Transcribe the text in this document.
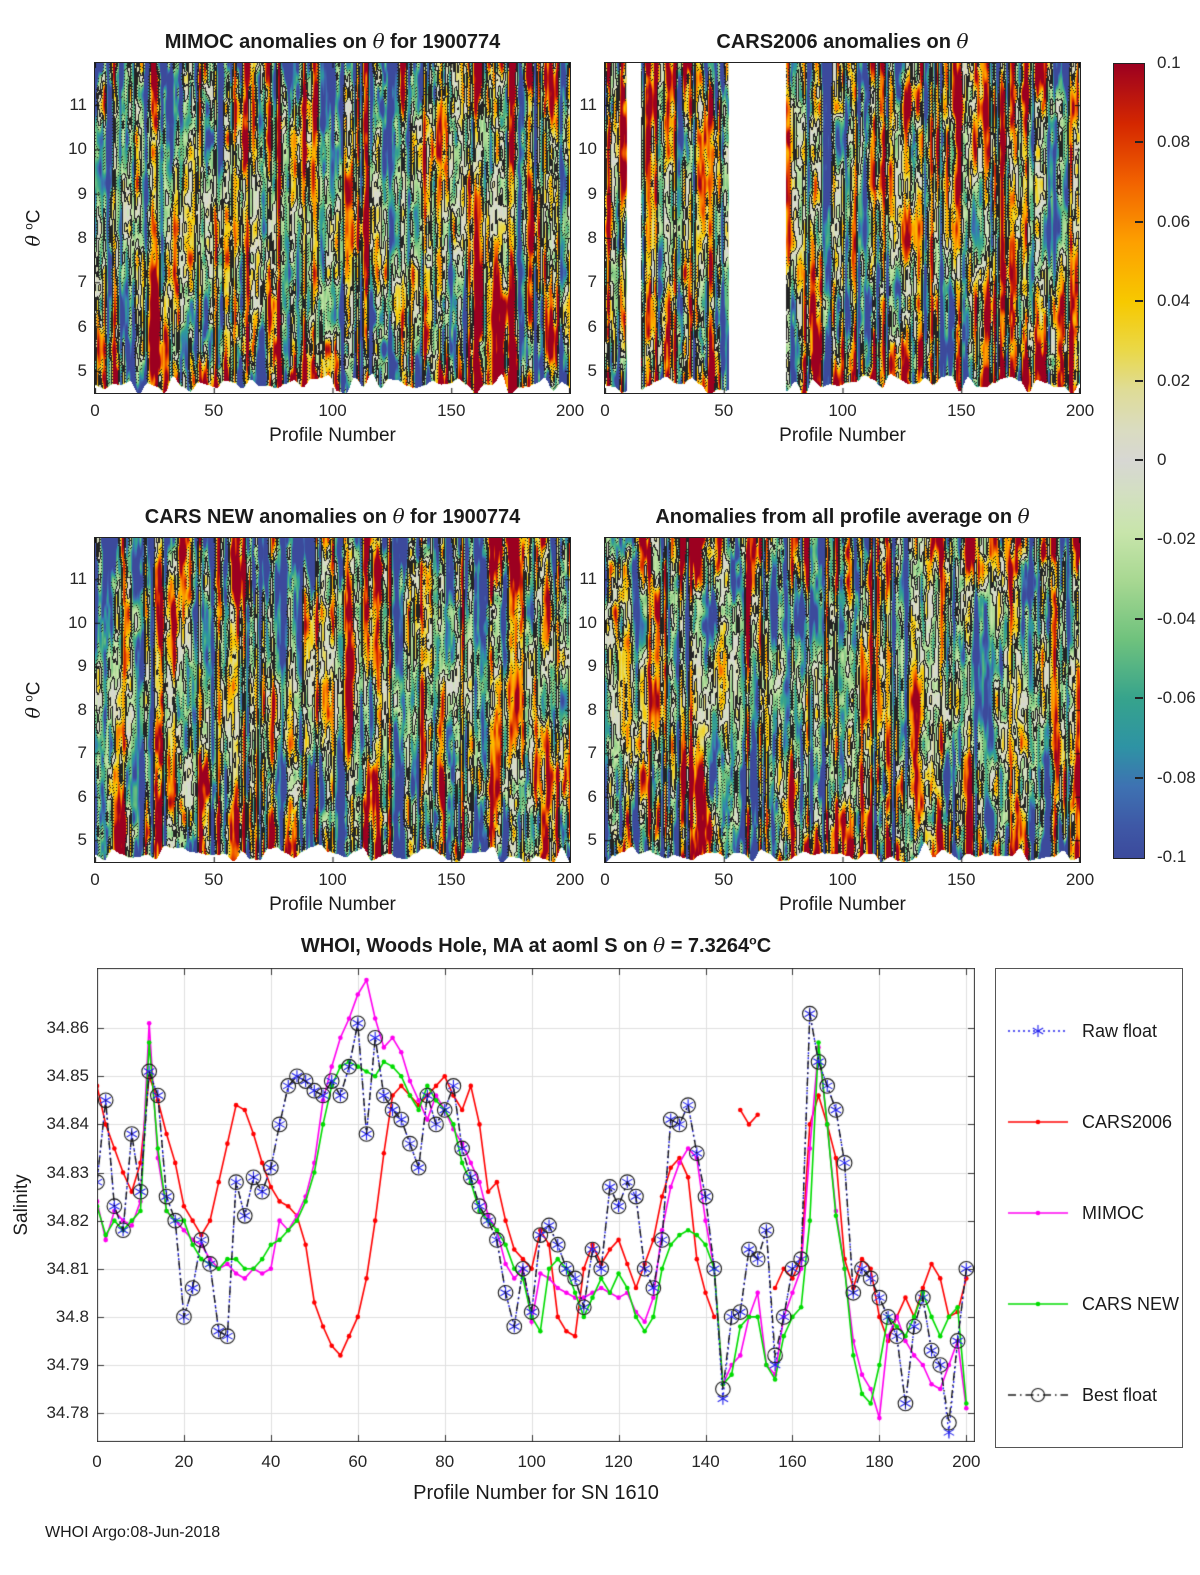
MIMOC anomalies on θ for 1900774	CARS2006 anomalies on θ
CARS NEW anomalies on θ for 1900774	Anomalies from all profile average on θ
Profile Number	Profile Number
Profile Number	Profile Number
θ $^o$C
θ $^o$C
WHOI, Woods Hole, MA at aoml S on $\theta = 7.3264^oC$
Salinity
Profile Number for SN 1610
Raw float
CARS2006
MIMOC
CARS NEW
Best float
WHOI Argo:08-Jun-2018
0	50	100	150	200
11
10
9
8
7
6
5
0	50	100	150	200
11
10
9
8
7
6
5
0	50	100	150	200
11
10
9
8
7
6
5
0	50	100	150	200
11
10
9
8
7
6
5
0.1
0.08
0.06
0.04
0.02
0
-0.02
-0.04
-0.06
-0.08
-0.1
0	20	40	60	80	100	120	140	160	180	200
34.86
34.85
34.84
34.83
34.82
34.81
34.8
34.79
34.78
